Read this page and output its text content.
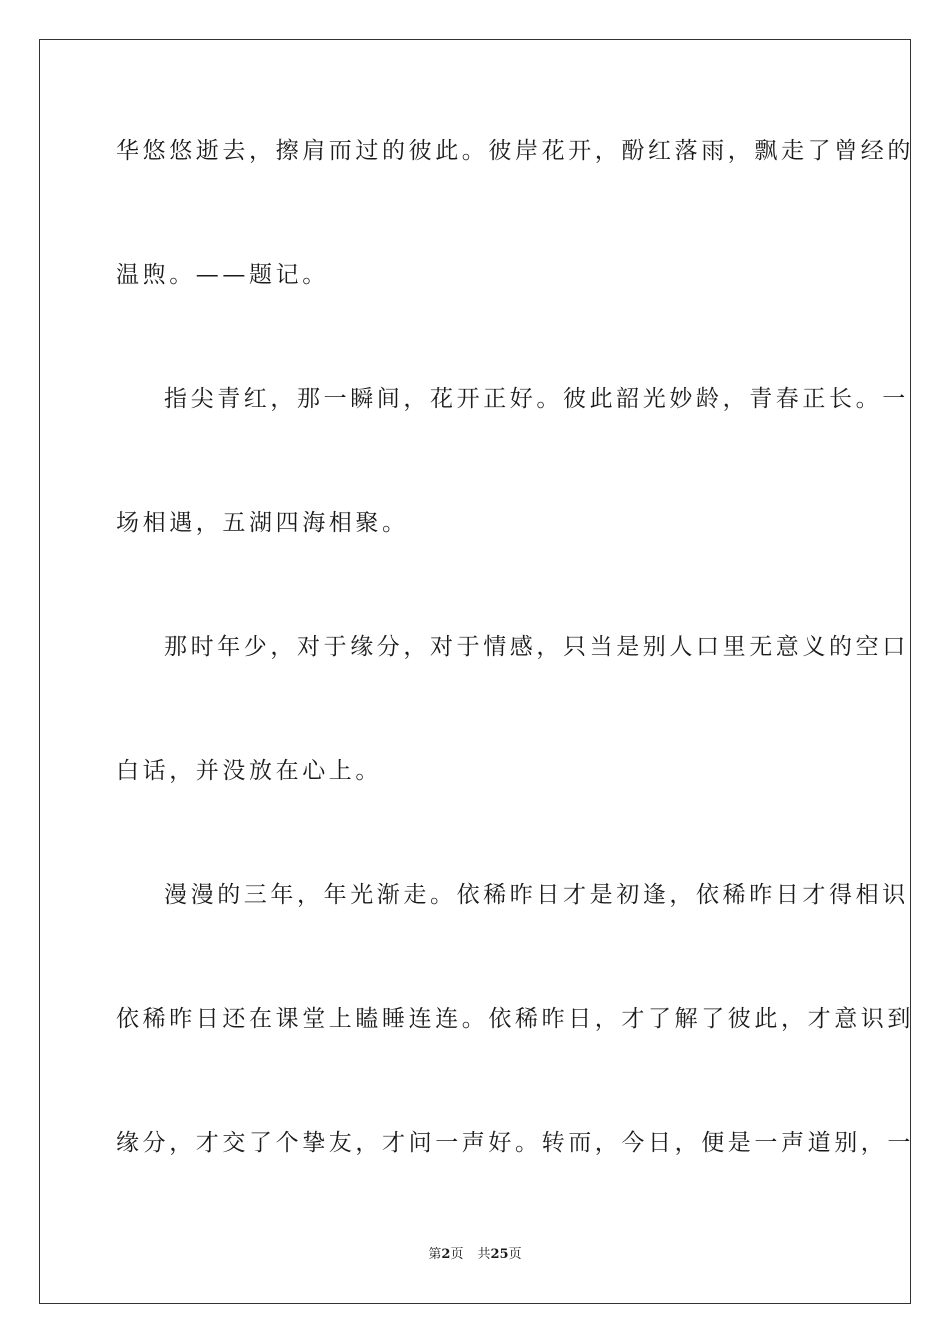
华悠悠逝去，擦肩而过的彼此。彼岸花开，酚红落雨，飘走了曾经的
温煦。——题记。
指尖青红，那一瞬间，花开正好。彼此韶光妙龄，青春正长。一
场相遇，五湖四海相聚。
那时年少，对于缘分，对于情感，只当是别人口里无意义的空口
白话，并没放在心上。
漫漫的三年，年光渐走。依稀昨日才是初逢，依稀昨日才得相识
依稀昨日还在课堂上瞌睡连连。依稀昨日，才了解了彼此，才意识到
缘分，才交了个挚友，才问一声好。转而，今日，便是一声道别，一
第2页 共25页
